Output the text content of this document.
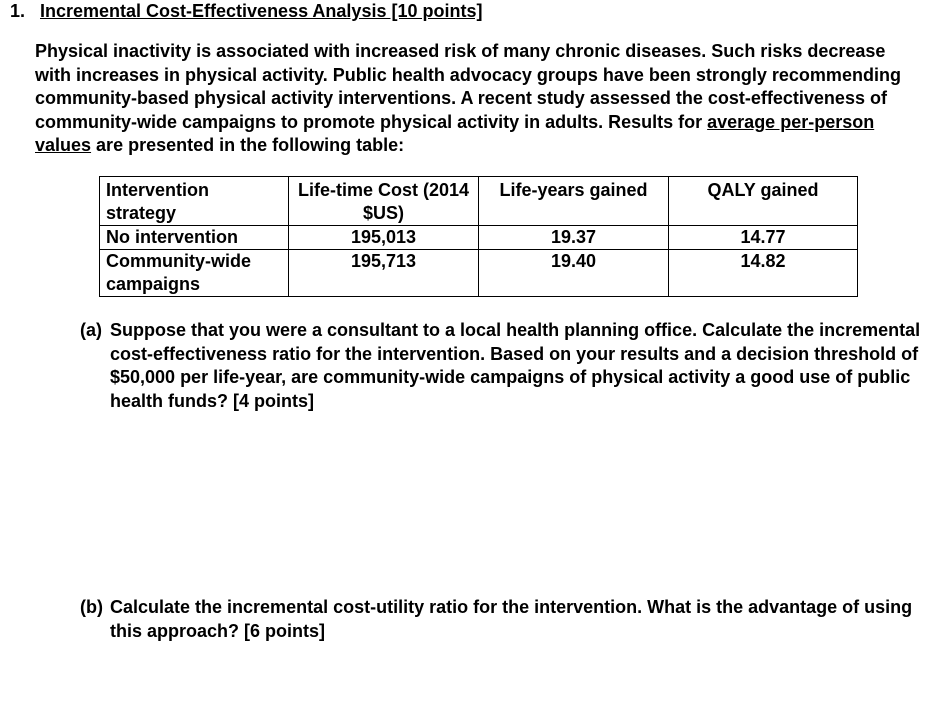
1. Incremental Cost-Effectiveness Analysis [10 points]

Physical inactivity is associated with increased risk of many chronic diseases. Such risks decrease with increases in physical activity. Public health advocacy groups have been strongly recommending community-based physical activity interventions. A recent study assessed the cost-effectiveness of community-wide campaigns to promote physical activity in adults. Results for average per-person values are presented in the following table:

Intervention strategy	Life-time Cost (2014 $US)	Life-years gained	QALY gained
No intervention	195,013	19.37	14.77
Community-wide campaigns	195,713	19.40	14.82
(a) Suppose that you were a consultant to a local health planning office. Calculate the incremental cost-effectiveness ratio for the intervention. Based on your results and a decision threshold of $50,000 per life-year, are community-wide campaigns of physical activity a good use of public health funds? [4 points]
(b) Calculate the incremental cost-utility ratio for the intervention. What is the advantage of using this approach? [6 points]
